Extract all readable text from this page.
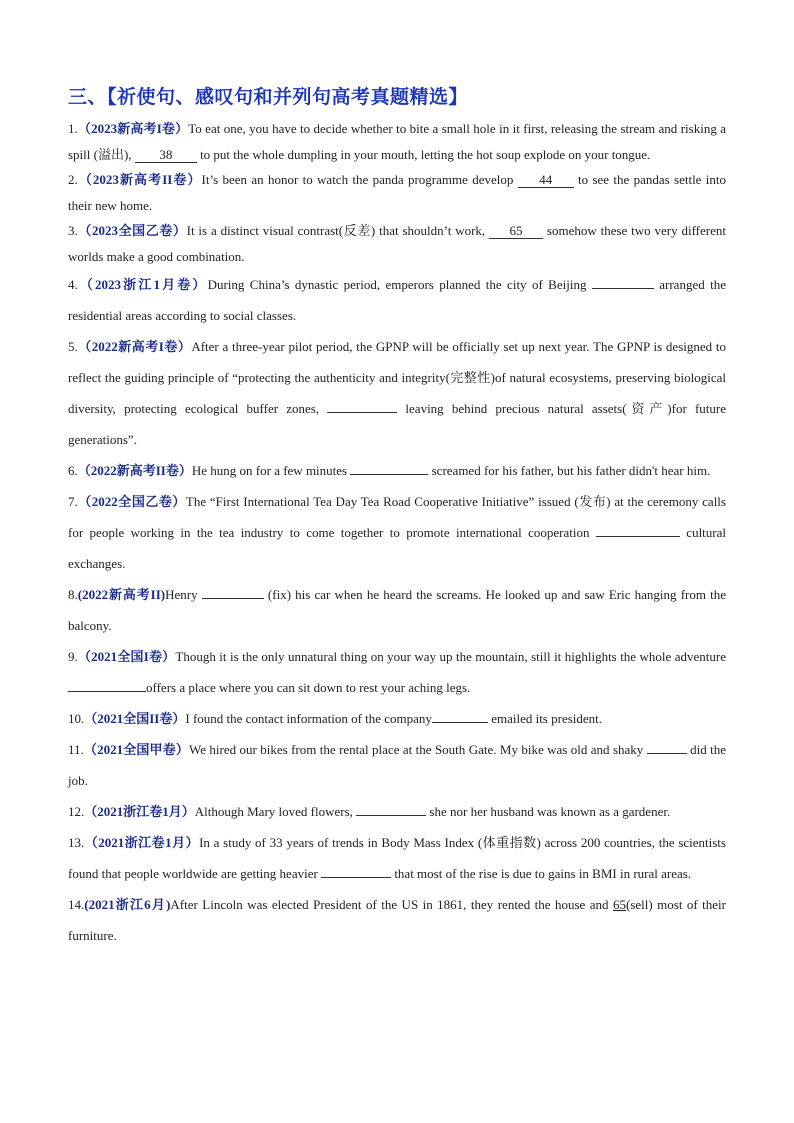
三、【祈使句、感叹句和并列句高考真题精选】

1.（2023新高考I卷）To eat one, you have to decide whether to bite a small hole in it first, releasing the stream and risking a spill (溢出), 38 to put the whole dumpling in your mouth, letting the hot soup explode on your tongue.

2.（2023新高考II卷）It’s been an honor to watch the panda programme develop 44 to see the pandas settle into their new home.

3.（2023全国乙卷）It is a distinct visual contrast(反差) that shouldn’t work, 65 somehow these two very different worlds make a good combination.

4.（2023浙江1月卷）During China’s dynastic period, emperors planned the city of Beijing	arranged the residential areas according to social classes.

5.（2022新高考I卷）After a three-year pilot period, the GPNP will be officially set up next year. The GPNP is designed to reflect the guiding principle of “protecting the authenticity and integrity(完整性)of natural ecosystems, preserving biological diversity, protecting ecological buffer zones,	leaving behind precious natural assets(资产)for future generations”.

6.（2022新高考II卷）He hung on for a few minutes	screamed for his father, but his father didn't hear him.

7.（2022全国乙卷）The “First International Tea Day Tea Road Cooperative Initiative” issued (发布) at the ceremony calls for people working in the tea industry to come together to promote international cooperation	cultural exchanges.

8.(2022新高考II)Henry	(fix) his car when he heard the screams. He looked up and saw Eric hanging from the balcony.

9.（2021全国I卷）Though it is the only unnatural thing on your way up the mountain, still it highlights the whole adventure offers a place where you can sit down to rest your aching legs.

10.（2021全国II卷）I found the contact information of the company	emailed its president.

11.（2021全国甲卷）We hired our bikes from the rental place at the South Gate. My bike was old and shaky	did the job.

12.（2021浙江卷1月）Although Mary loved flowers,	she nor her husband was known as a gardener.

13.（2021浙江卷1月）In a study of 33 years of trends in Body Mass Index (体重指数) across 200 countries, the scientists found that people worldwide are getting heavier	that most of the rise is due to gains in BMI in rural areas.

14.(2021浙江6月)After Lincoln was elected President of the US in 1861, they rented the house and 65(sell) most of their furniture.
